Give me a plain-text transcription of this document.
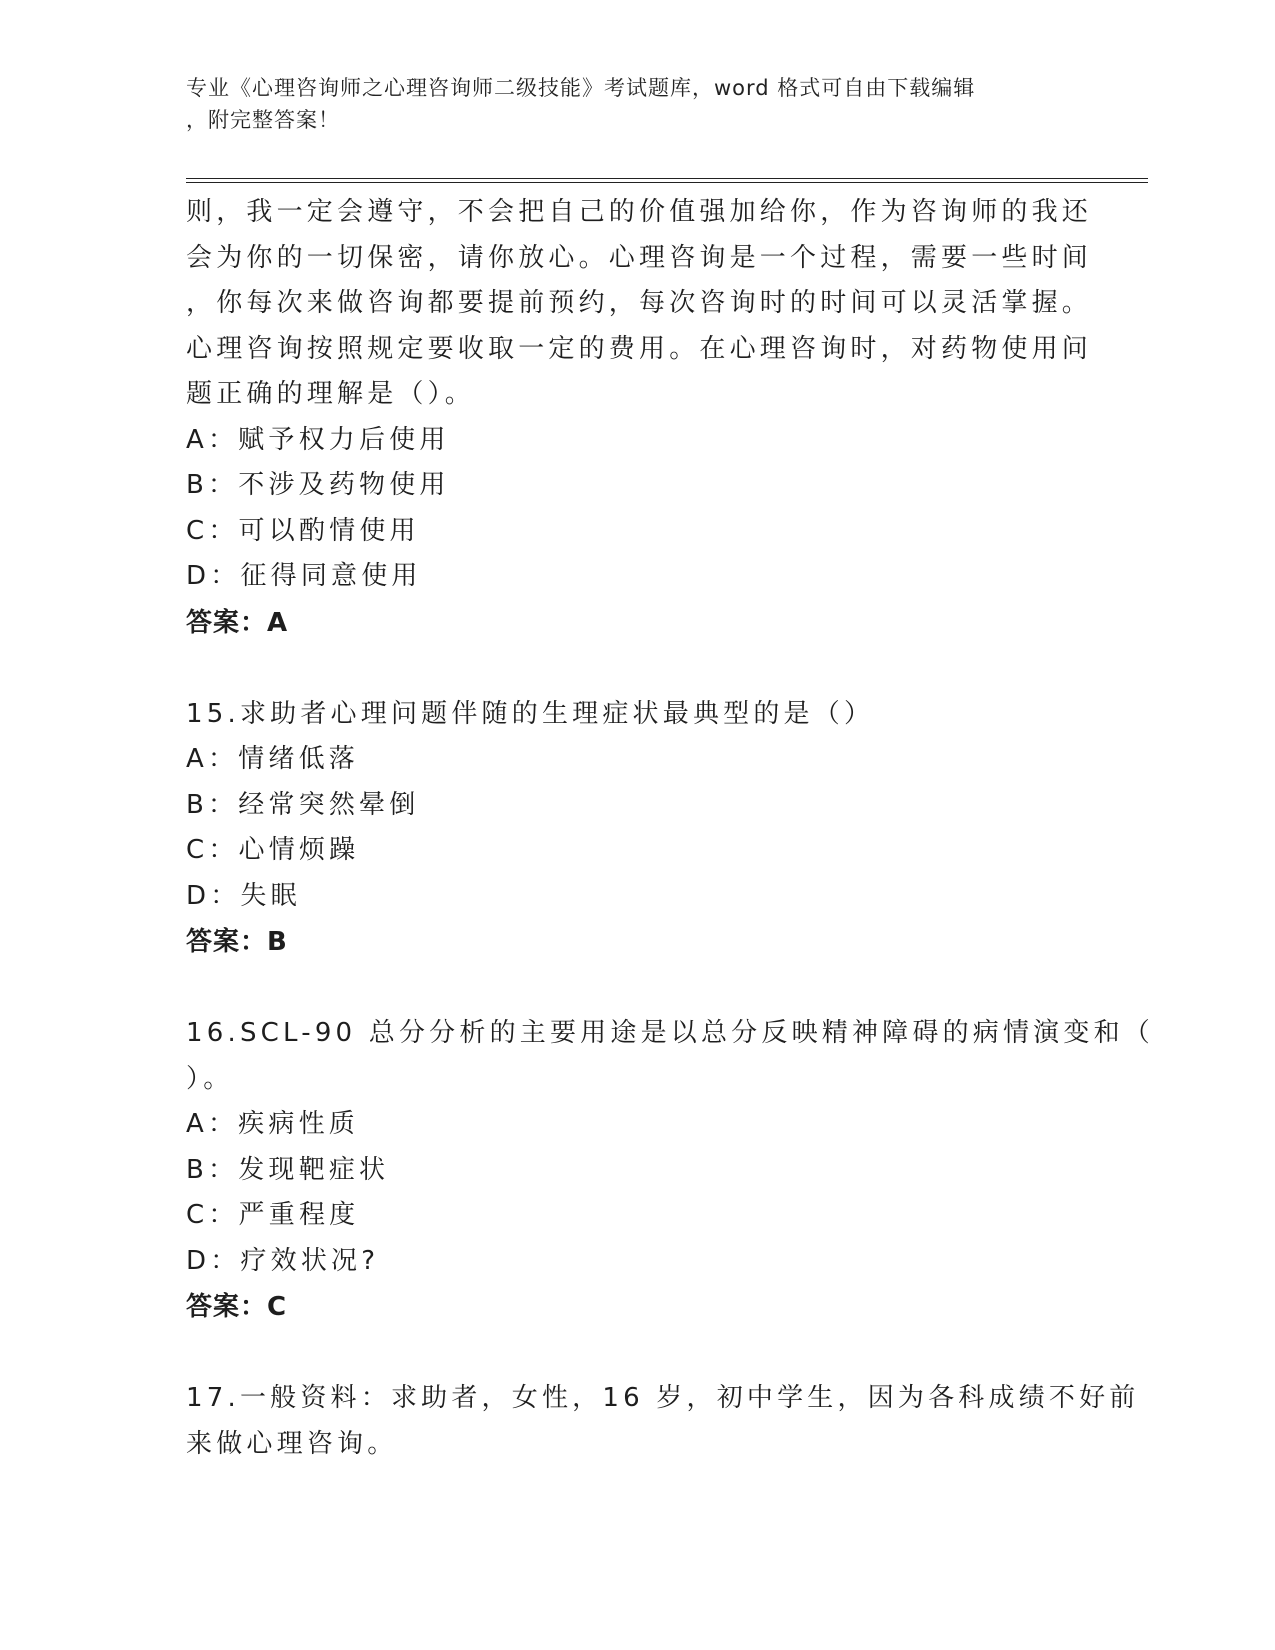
专业《心理咨询师之心理咨询师二级技能》考试题库，word 格式可自由下载编辑
，附完整答案！
则，我一定会遵守，不会把自己的价值强加给你，作为咨询师的我还
会为你的一切保密，请你放心。心理咨询是一个过程，需要一些时间
，你每次来做咨询都要提前预约，每次咨询时的时间可以灵活掌握。
心理咨询按照规定要收取一定的费用。在心理咨询时，对药物使用问
题正确的理解是（）。
A：赋予权力后使用
B：不涉及药物使用
C：可以酌情使用
D：征得同意使用
答案：A
15.求助者心理问题伴随的生理症状最典型的是（）
A：情绪低落
B：经常突然晕倒
C：心情烦躁
D：失眠
答案：B
16.SCL-90 总分分析的主要用途是以总分反映精神障碍的病情演变和（
）。
A：疾病性质
B：发现靶症状
C：严重程度
D：疗效状况?
答案：C
17.一般资料：求助者，女性，16 岁，初中学生，因为各科成绩不好前
来做心理咨询。
